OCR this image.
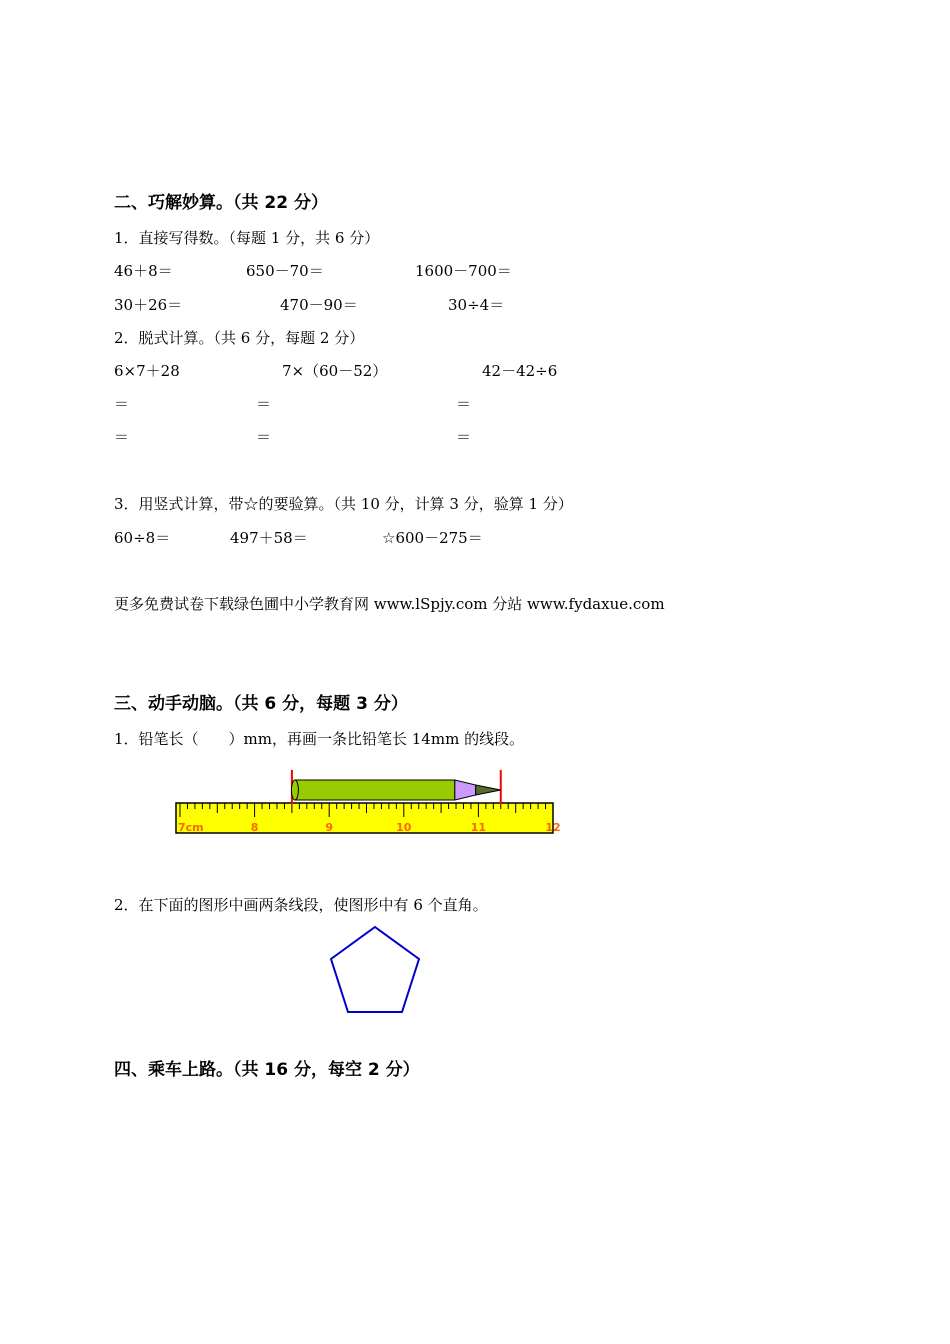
二、巧解妙算。（共 22 分）
1．直接写得数。（每题 1 分，共 6 分）
46＋8＝	650－70＝	1600－700＝
30＋26＝	470－90＝	30÷4＝
2．脱式计算。（共 6 分，每题 2 分）
6×7＋28	7×（60－52）	42－42÷6
＝	＝	＝
＝	＝	＝
3．用竖式计算，带☆的要验算。（共 10 分，计算 3 分，验算 1 分）
60÷8＝	497＋58＝	☆600－275＝
更多免费试卷下载绿色圃中小学教育网 www.lSpjy.com 分站 www.fydaxue.com
三、动手动脑。（共 6 分，每题 3 分）
1．铅笔长（　　）mm，再画一条比铅笔长 14mm 的线段。
7cm	8	9	10	11	12
2．在下面的图形中画两条线段，使图形中有 6 个直角。
四、乘车上路。（共 16 分，每空 2 分）
